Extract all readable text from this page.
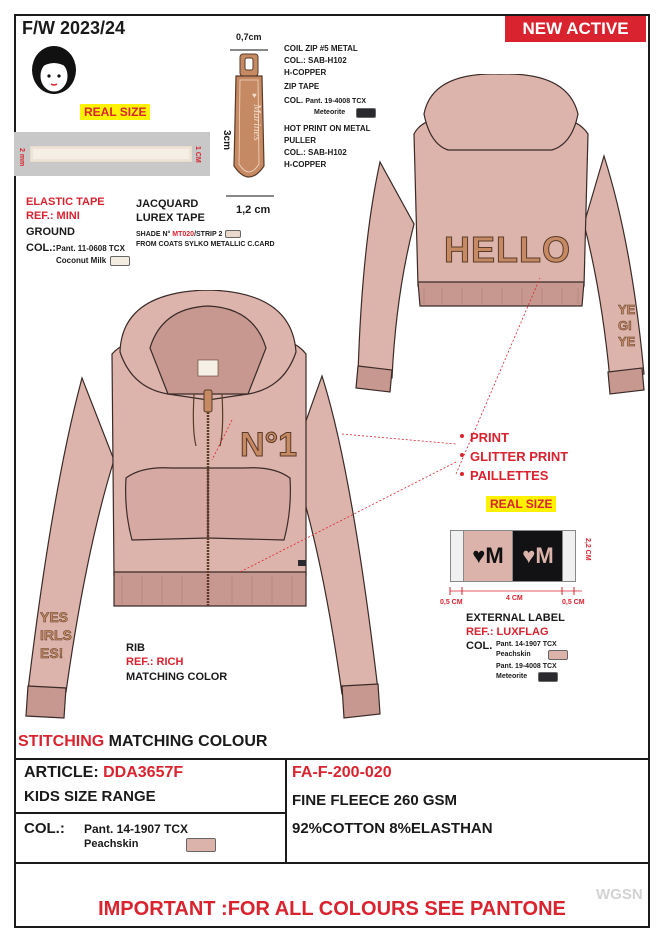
F/W 2023/24	NEW ACTIVE
REAL SIZE
2 mm	1 CM
ELASTIC TAPE
REF.: MINI
GROUND
COL.: Pant. 11-0608 TCX
Coconut Milk
JACQUARD
LUREX TAPE
SHADE N° MT020/STRIP 2
FROM COATS SYLKO METALLIC C.CARD
0,7cm
♥
Marines
3cm
1,2 cm
COIL ZIP #5 METAL
COL.: SAB-H102
H-COPPER
ZIP TAPE
COL. Pant. 19-4008 TCX
Meteorite
HOT PRINT ON METAL
PULLER
COL.: SAB-H102
H-COPPER
HELLO
YE
GI
YE
N°1
YES
IRLS
ES!
PRINT
GLITTER PRINT
PAILLETTES
REAL SIZE
♥M ♥M	2,2 CM
0,5 CM
4 CM
0,5 CM
EXTERNAL LABEL
REF.: LUXFLAG
COL. Pant. 14-1907 TCX
Peachskin
Pant. 19-4008 TCX
Meteorite
RIB
REF.: RICH
MATCHING COLOR
STITCHING MATCHING COLOUR
ARTICLE: DDA3657F
KIDS SIZE RANGE
COL.: Pant. 14-1907 TCX
Peachskin
FA-F-200-020
FINE FLEECE 260 GSM
92%COTTON 8%ELASTHAN
IMPORTANT :FOR ALL COLOURS SEE PANTONE
WGSN
